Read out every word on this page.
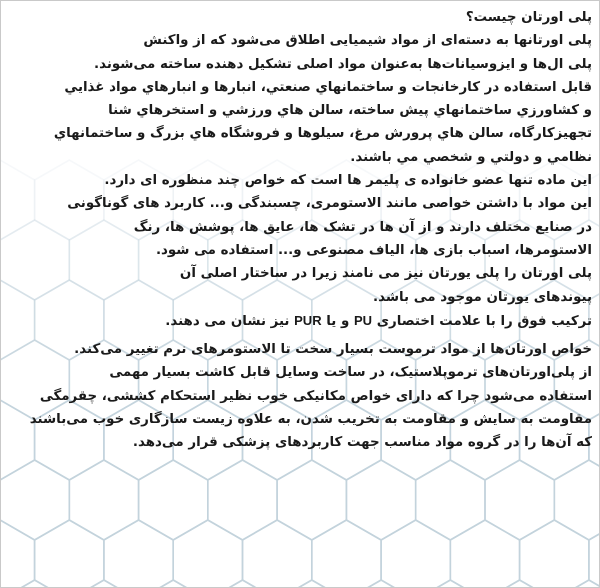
پلی اورتان چیست؟
پلی اورتانها به دسته‌ای از مواد شیمیایی اطلاق می‌شود که از واکنش
پلی ال‌ها و ایزوسیانات‌ها به‌عنوان مواد اصلی تشکیل دهنده ساخته می‌شوند.
قابل استفاده در کارخانجات و ساختمانهاي صنعتي، انبارها و انبارهاي مواد غذايي
و كشاورزي ساختمانهاي پيش ساخته، سالن هاي ورزشي و استخرهاي شنا
تجهيزكارگاه، سالن هاي پرورش مرغ، سيلوها و فروشگاه هاي بزرگ و ساختمانهاي
نظامي و دولتي و شخصي مي باشند.
این ماده تنها عضو خانواده ی پلیمر ها است که خواص چند منظوره ای دارد.
این مواد با داشتن خواصی مانند الاستومری، چسبندگی و... کاربرد های گوناگونی
در صنایع مختلف دارند و از آن ها در تشک ها، عایق ها، پوشش ها، رنگ
الاستومرها، اسباب بازی ها، الیاف مصنوعی و... استفاده می شود.
پلی اورتان را پلی یورتان نیز می نامند زیرا در ساختار اصلی آن
پیوندهای یورتان موجود می باشد.
ترکیب فوق را با علامت اختصاری PU و یا PUR نیز نشان می دهند.
خواص اورتان‌ها از مواد ترموست بسیار سخت تا الاستومرهای نرم تغییر می‌کند.
از پلی‌اورتان‌های ترموپلاستیک، در ساخت وسایل قابل کاشت بسیار مهمی
استفاده می‌شود چرا که دارای خواص مکانیکی خوب نظیر استحکام کششی، چقرمگی
مقاومت به سایش و مقاومت به تخریب شدن، به علاوه زیست سازگاری خوب می‌باشند
که آن‌ها را در گروه مواد مناسب جهت کاربردهای پزشکی قرار می‌دهد.
